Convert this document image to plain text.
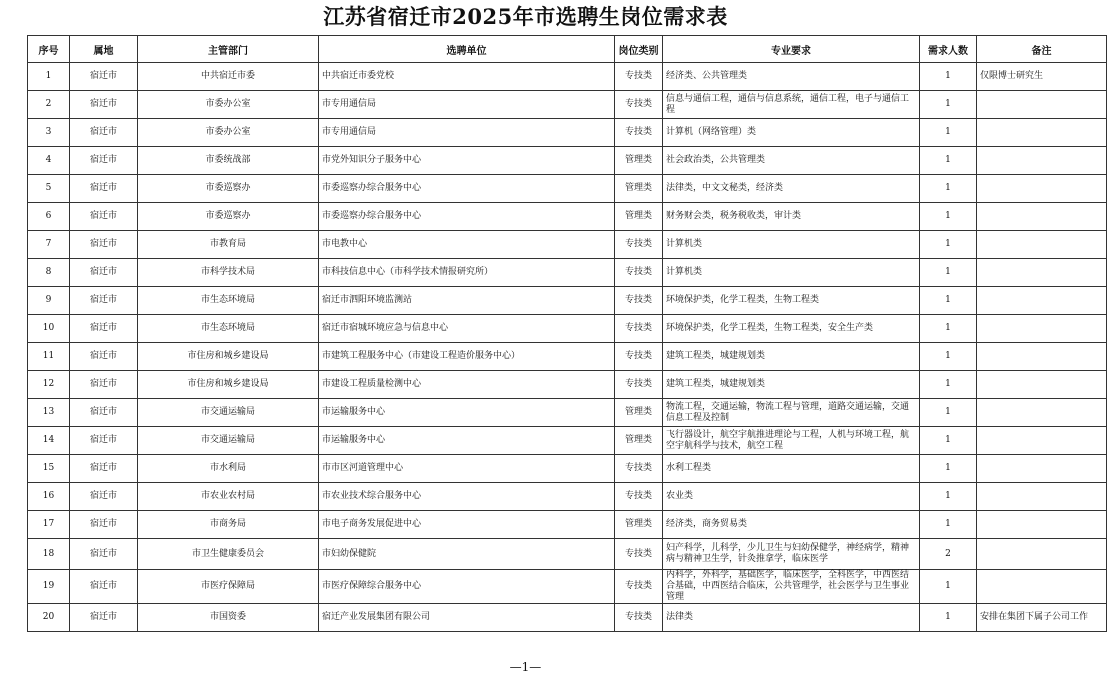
江苏省宿迁市2025年市选聘生岗位需求表
序号	属地	主管部门	选聘单位	岗位类别	专业要求	需求人数	备注
1	宿迁市	中共宿迁市委	中共宿迁市委党校	专技类	经济类、公共管理类	1	仅限博士研究生
2	宿迁市	市委办公室	市专用通信局	专技类	信息与通信工程，通信与信息系统，通信工程，电子与通信工程	1	
3	宿迁市	市委办公室	市专用通信局	专技类	计算机（网络管理）类	1	
4	宿迁市	市委统战部	市党外知识分子服务中心	管理类	社会政治类，公共管理类	1	
5	宿迁市	市委巡察办	市委巡察办综合服务中心	管理类	法律类，中文文秘类，经济类	1	
6	宿迁市	市委巡察办	市委巡察办综合服务中心	管理类	财务财会类，税务税收类，审计类	1	
7	宿迁市	市教育局	市电教中心	专技类	计算机类	1	
8	宿迁市	市科学技术局	市科技信息中心（市科学技术情报研究所）	专技类	计算机类	1	
9	宿迁市	市生态环境局	宿迁市泗阳环境监测站	专技类	环境保护类，化学工程类，生物工程类	1	
10	宿迁市	市生态环境局	宿迁市宿城环境应急与信息中心	专技类	环境保护类，化学工程类，生物工程类，安全生产类	1	
11	宿迁市	市住房和城乡建设局	市建筑工程服务中心（市建设工程造价服务中心）	专技类	建筑工程类，城建规划类	1	
12	宿迁市	市住房和城乡建设局	市建设工程质量检测中心	专技类	建筑工程类，城建规划类	1	
13	宿迁市	市交通运输局	市运输服务中心	管理类	物流工程，交通运输，物流工程与管理，道路交通运输，交通信息工程及控制	1	
14	宿迁市	市交通运输局	市运输服务中心	管理类	飞行器设计，航空宇航推进理论与工程，人机与环境工程，航空宇航科学与技术，航空工程	1	
15	宿迁市	市水利局	市市区河道管理中心	专技类	水利工程类	1	
16	宿迁市	市农业农村局	市农业技术综合服务中心	专技类	农业类	1	
17	宿迁市	市商务局	市电子商务发展促进中心	管理类	经济类，商务贸易类	1	
18	宿迁市	市卫生健康委员会	市妇幼保健院	专技类	妇产科学，儿科学，少儿卫生与妇幼保健学，神经病学，精神病与精神卫生学，针灸推拿学，临床医学	2	
19	宿迁市	市医疗保障局	市医疗保障综合服务中心	专技类	内科学，外科学，基础医学，临床医学，全科医学，中西医结合基础，中西医结合临床，公共管理学，社会医学与卫生事业管理	1	
20	宿迁市	市国资委	宿迁产业发展集团有限公司	专技类	法律类	1	安排在集团下属子公司工作
—1—
